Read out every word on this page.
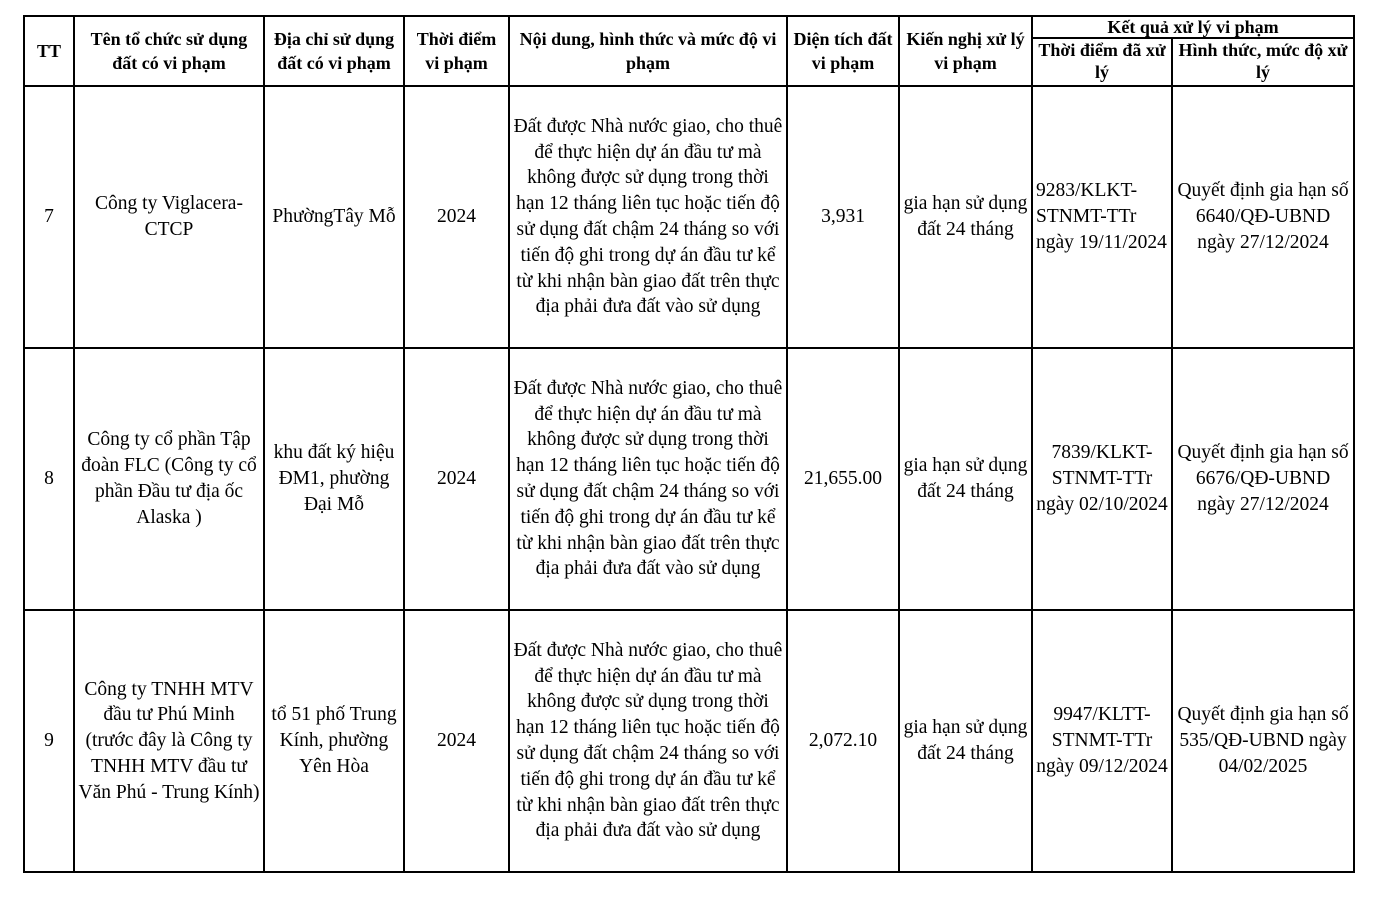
TT	Tên tổ chức sử dụng đất có vi phạm	Địa chỉ sử dụng đất có vi phạm	Thời điểm vi phạm	Nội dung, hình thức và mức độ vi phạm	Diện tích đất vi phạm	Kiến nghị xử lý vi phạm	Kết quả xử lý vi phạm	
							Thời điểm đã xử lý	Hình thức, mức độ xử lý
7	Công ty Viglacera-CTCP	PhườngTây Mỗ	2024	Đất được Nhà nước giao, cho thuê để thực hiện dự án đầu tư mà không được sử dụng trong thời hạn 12 tháng liên tục hoặc tiến độ sử dụng đất chậm 24 tháng so với tiến độ ghi trong dự án đầu tư kể từ khi nhận bàn giao đất trên thực địa phải đưa đất vào sử dụng	3,931	gia hạn sử dụng đất 24 tháng	9283/KLKT-STNMT-TTr ngày 19/11/2024	Quyết định gia hạn số 6640/QĐ-UBND ngày 27/12/2024
8	Công ty cổ phần Tập đoàn FLC (Công ty cổ phần Đầu tư địa ốc Alaska )	khu đất ký hiệu ĐM1, phường Đại Mỗ	2024	Đất được Nhà nước giao, cho thuê để thực hiện dự án đầu tư mà không được sử dụng trong thời hạn 12 tháng liên tục hoặc tiến độ sử dụng đất chậm 24 tháng so với tiến độ ghi trong dự án đầu tư kể từ khi nhận bàn giao đất trên thực địa phải đưa đất vào sử dụng	21,655.00	gia hạn sử dụng đất 24 tháng	7839/KLKT-STNMT-TTr ngày 02/10/2024	Quyết định gia hạn số 6676/QĐ-UBND ngày 27/12/2024
9	Công ty TNHH MTV đầu tư Phú Minh (trước đây là Công ty TNHH MTV đầu tư Văn Phú - Trung Kính)	tổ 51 phố Trung Kính, phường Yên Hòa	2024	Đất được Nhà nước giao, cho thuê để thực hiện dự án đầu tư mà không được sử dụng trong thời hạn 12 tháng liên tục hoặc tiến độ sử dụng đất chậm 24 tháng so với tiến độ ghi trong dự án đầu tư kể từ khi nhận bàn giao đất trên thực địa phải đưa đất vào sử dụng	2,072.10	gia hạn sử dụng đất 24 tháng	9947/KLTT-STNMT-TTr ngày 09/12/2024	Quyết định gia hạn số 535/QĐ-UBND ngày 04/02/2025
